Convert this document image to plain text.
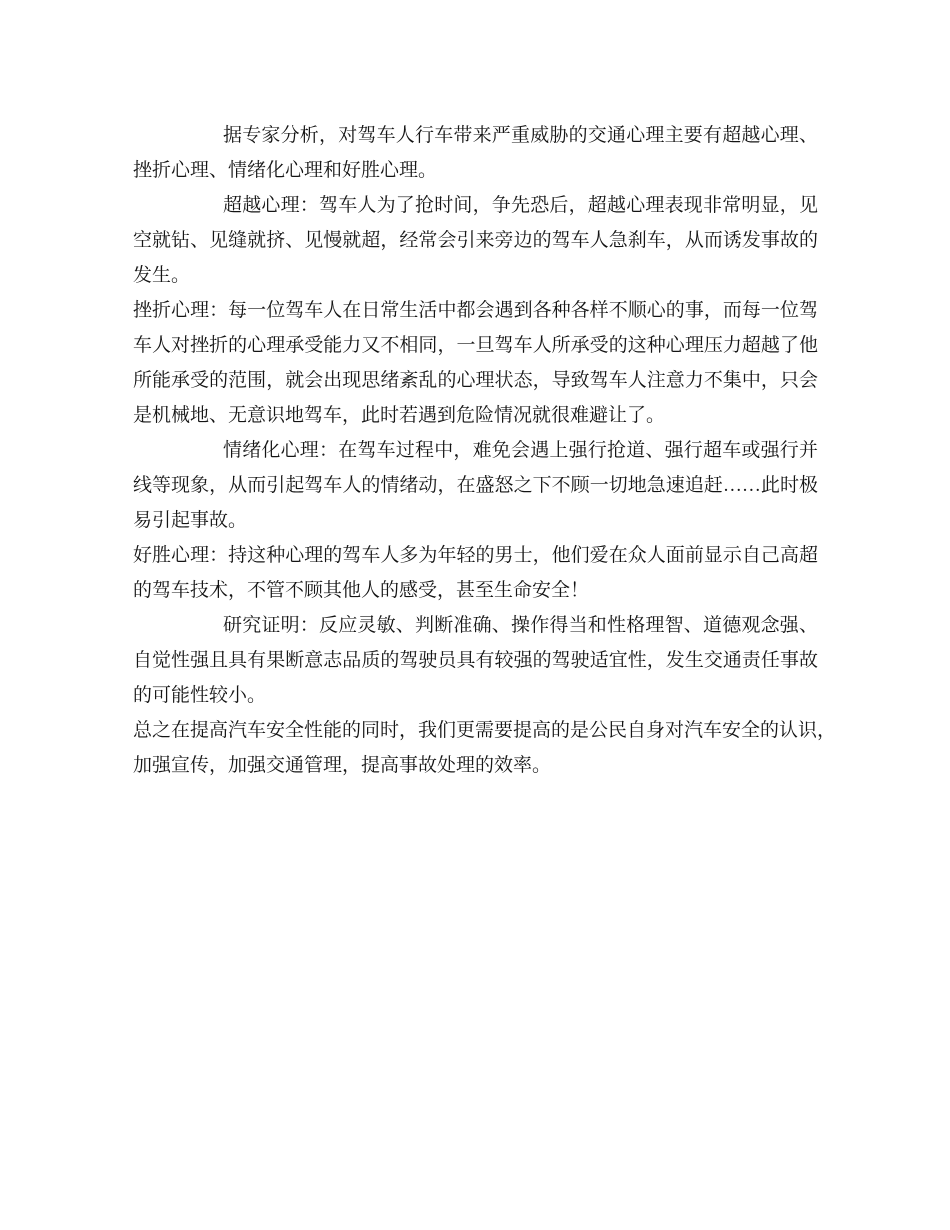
据专家分析，对驾车人行车带来严重威胁的交通心理主要有超越心理、
挫折心理、情绪化心理和好胜心理。
超越心理：驾车人为了抢时间，争先恐后，超越心理表现非常明显，见
空就钻、见缝就挤、见慢就超，经常会引来旁边的驾车人急刹车，从而诱发事故的
发生。
挫折心理：每一位驾车人在日常生活中都会遇到各种各样不顺心的事，而每一位驾
车人对挫折的心理承受能力又不相同，一旦驾车人所承受的这种心理压力超越了他
所能承受的范围，就会出现思绪紊乱的心理状态，导致驾车人注意力不集中，只会
是机械地、无意识地驾车，此时若遇到危险情况就很难避让了。
情绪化心理：在驾车过程中，难免会遇上强行抢道、强行超车或强行并
线等现象，从而引起驾车人的情绪动，在盛怒之下不顾一切地急速追赶……此时极
易引起事故。
好胜心理：持这种心理的驾车人多为年轻的男士，他们爱在众人面前显示自己高超
的驾车技术，不管不顾其他人的感受，甚至生命安全！
研究证明：反应灵敏、判断准确、操作得当和性格理智、道德观念强、
自觉性强且具有果断意志品质的驾驶员具有较强的驾驶适宜性，发生交通责任事故
的可能性较小。
总之在提高汽车安全性能的同时，我们更需要提高的是公民自身对汽车安全的认识，
加强宣传，加强交通管理，提高事故处理的效率。
